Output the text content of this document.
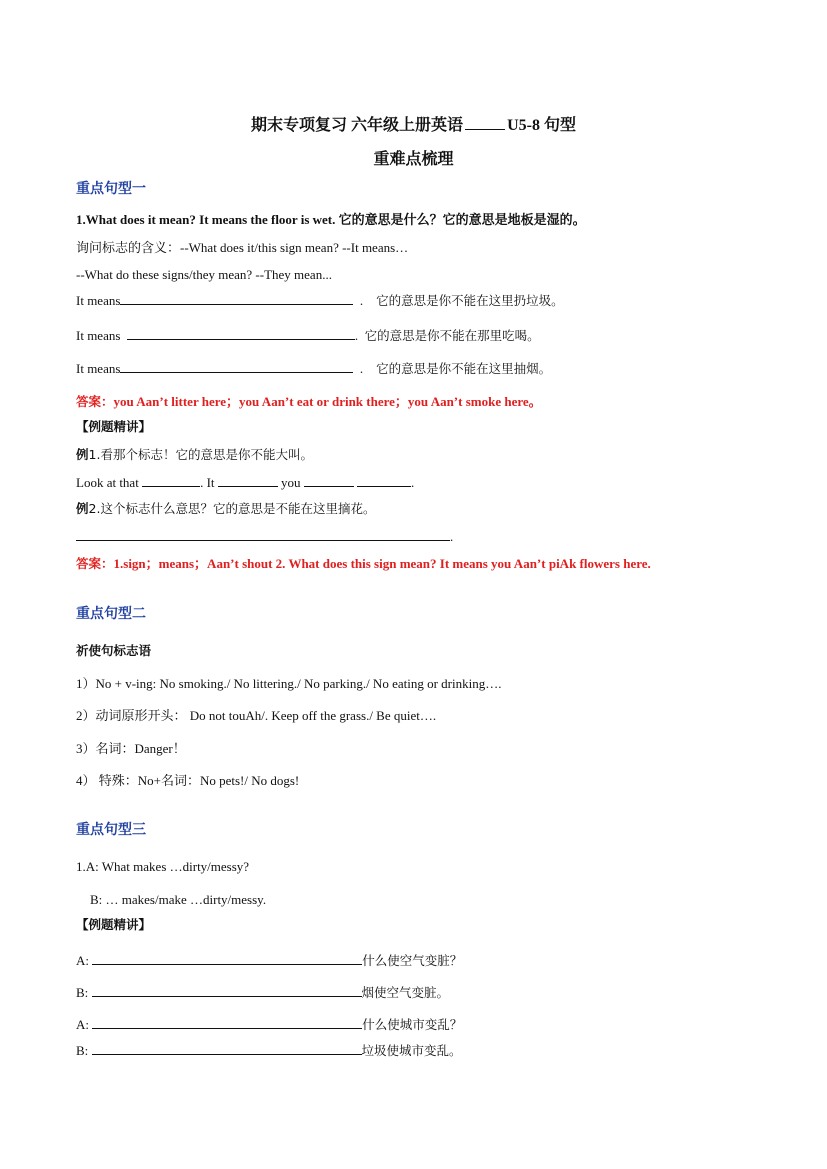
期末专项复习 六年级上册英语	U5-8 句型
重难点梳理
重点句型一
1.What does it mean? It means the floor is wet. 它的意思是什么？它的意思是地板是湿的。
询问标志的含义：--What does it/this sign mean? --It means…
--What do these signs/they mean? --They mean...
It means	.    它的意思是你不能在这里扔垃圾。
It means	.  它的意思是你不能在那里吃喝。
It means	.    它的意思是你不能在这里抽烟。
答案：you Aan’t litter here；you Aan’t eat or drink there；you Aan’t smoke here。
【例题精讲】
例1.看那个标志！它的意思是你不能大叫。
Look at that	. It	you	.
例2.这个标志什么意思？它的意思是不能在这里摘花。
.
答案：1.sign；means；Aan’t shout 2. What does this sign mean? It means you Aan’t piAk flowers here.
重点句型二
祈使句标志语
1）No + v-ing: No smoking./ No littering./ No parking./ No eating or drinking….
2）动词原形开头： Do not touAh/. Keep off the grass./ Be quiet….
3）名词：Danger！
4） 特殊：No+名词：No pets!/ No dogs!
重点句型三
1.A: What makes …dirty/messy?
B: … makes/make …dirty/messy.
【例题精讲】
A:	什么使空气变脏？
B:	烟使空气变脏。
A:	什么使城市变乱？
B:	垃圾使城市变乱。
